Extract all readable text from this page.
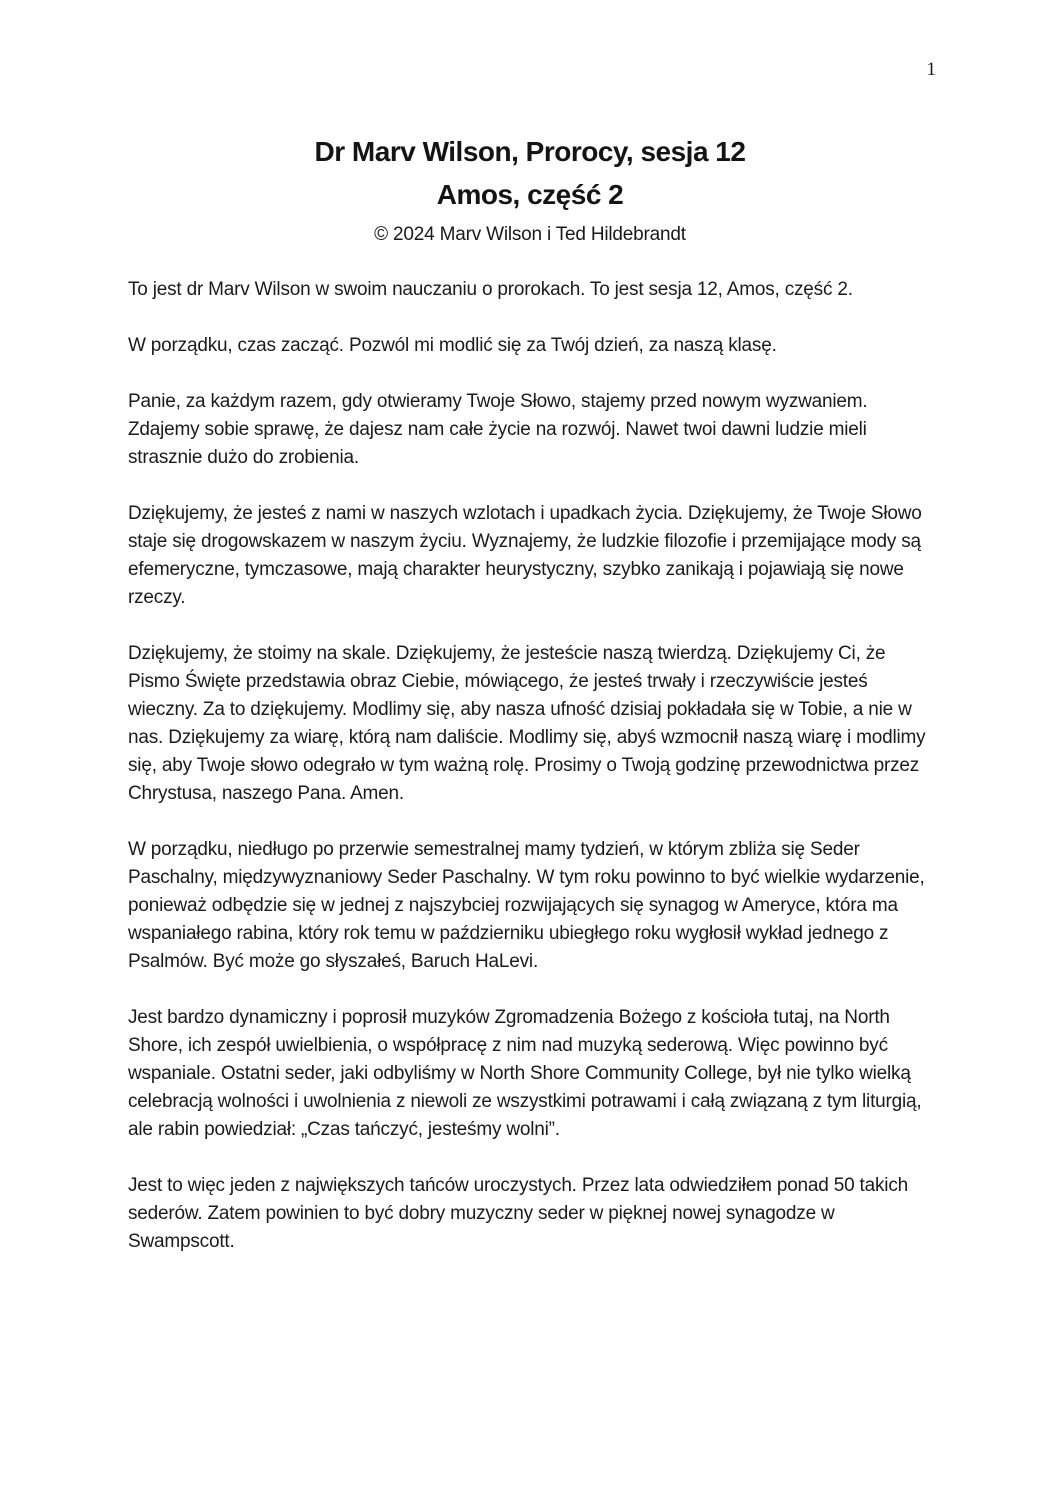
1
Dr Marv Wilson, Prorocy, sesja 12
Amos, część 2
© 2024 Marv Wilson i Ted Hildebrandt

To jest dr Marv Wilson w swoim nauczaniu o prorokach. To jest sesja 12, Amos, część 2.

W porządku, czas zacząć. Pozwól mi modlić się za Twój dzień, za naszą klasę.

Panie, za każdym razem, gdy otwieramy Twoje Słowo, stajemy przed nowym wyzwaniem. Zdajemy sobie sprawę, że dajesz nam całe życie na rozwój. Nawet twoi dawni ludzie mieli strasznie dużo do zrobienia.

Dziękujemy, że jesteś z nami w naszych wzlotach i upadkach życia. Dziękujemy, że Twoje Słowo staje się drogowskazem w naszym życiu. Wyznajemy, że ludzkie filozofie i przemijające mody są efemeryczne, tymczasowe, mają charakter heurystyczny, szybko zanikają i pojawiają się nowe rzeczy.

Dziękujemy, że stoimy na skale. Dziękujemy, że jesteście naszą twierdzą. Dziękujemy Ci, że Pismo Święte przedstawia obraz Ciebie, mówiącego, że jesteś trwały i rzeczywiście jesteś wieczny. Za to dziękujemy. Modlimy się, aby nasza ufność dzisiaj pokładała się w Tobie, a nie w nas. Dziękujemy za wiarę, którą nam daliście. Modlimy się, abyś wzmocnił naszą wiarę i modlimy się, aby Twoje słowo odegrało w tym ważną rolę. Prosimy o Twoją godzinę przewodnictwa przez Chrystusa, naszego Pana. Amen.

W porządku, niedługo po przerwie semestralnej mamy tydzień, w którym zbliża się Seder Paschalny, międzywyznaniowy Seder Paschalny. W tym roku powinno to być wielkie wydarzenie, ponieważ odbędzie się w jednej z najszybciej rozwijających się synagog w Ameryce, która ma wspaniałego rabina, który rok temu w październiku ubiegłego roku wygłosił wykład jednego z Psalmów. Być może go słyszałeś, Baruch HaLevi.

Jest bardzo dynamiczny i poprosił muzyków Zgromadzenia Bożego z kościoła tutaj, na North Shore, ich zespół uwielbienia, o współpracę z nim nad muzyką sederową. Więc powinno być wspaniale. Ostatni seder, jaki odbyliśmy w North Shore Community College, był nie tylko wielką celebracją wolności i uwolnienia z niewoli ze wszystkimi potrawami i całą związaną z tym liturgią, ale rabin powiedział: „Czas tańczyć, jesteśmy wolni”.

Jest to więc jeden z największych tańców uroczystych. Przez lata odwiedziłem ponad 50 takich sederów. Zatem powinien to być dobry muzyczny seder w pięknej nowej synagodze w Swampscott.
